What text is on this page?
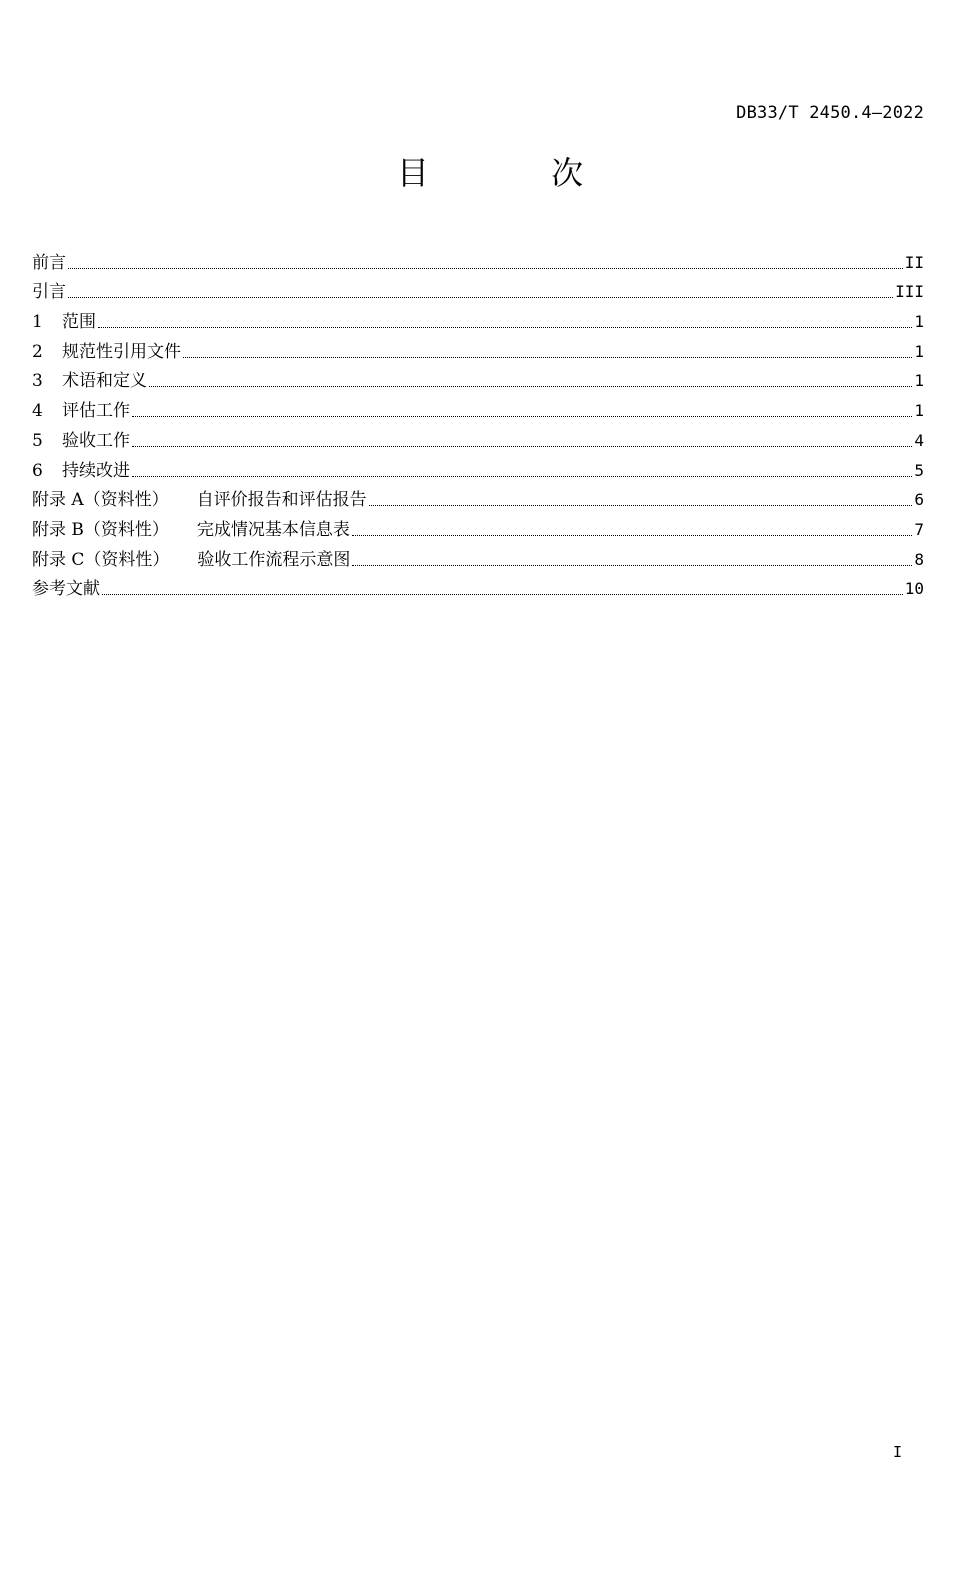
DB33/T 2450.4—2022
目 次
前言	II
引言	III
1 范围	1
2 规范性引用文件	1
3 术语和定义	1
4 评估工作	1
5 验收工作	4
6 持续改进	5
附录 A（资料性） 自评价报告和评估报告	6
附录 B（资料性） 完成情况基本信息表	7
附录 C（资料性） 验收工作流程示意图	8
参考文献	10
I
